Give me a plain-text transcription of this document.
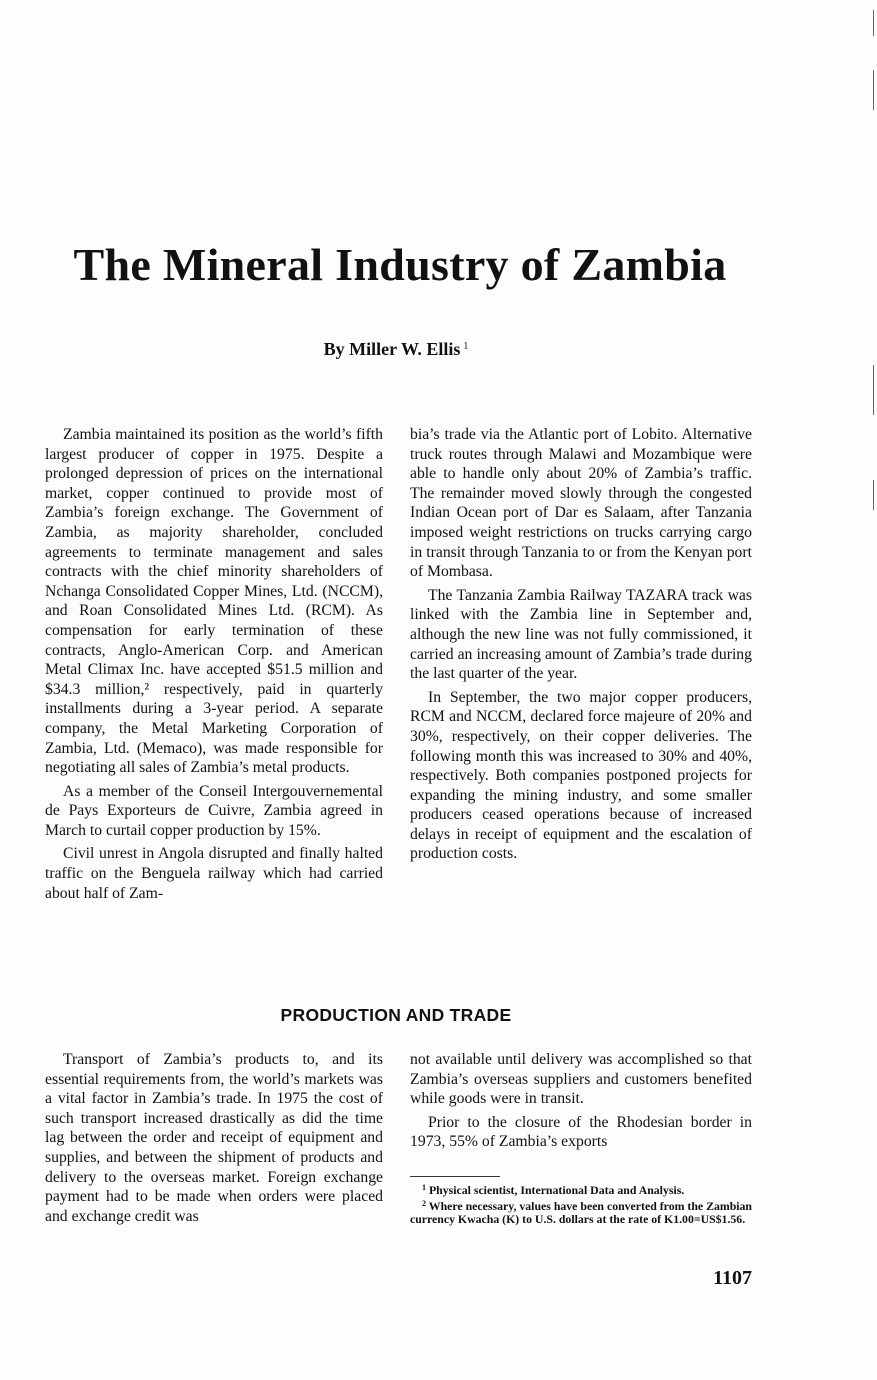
The Mineral Industry of Zambia
By Miller W. Ellis $^1$

Zambia maintained its position as the world’s fifth largest producer of copper in 1975. Despite a prolonged depression of prices on the international market, copper continued to provide most of Zambia’s foreign exchange. The Government of Zambia, as majority shareholder, concluded agreements to terminate management and sales contracts with the chief minority shareholders of Nchanga Consolidated Copper Mines, Ltd. (NCCM), and Roan Consolidated Mines Ltd. (RCM). As compensation for early termination of these contracts, Anglo-American Corp. and American Metal Climax Inc. have accepted $51.5 million and $34.3 million,² respectively, paid in quarterly installments during a 3-year period. A separate company, the Metal Marketing Corporation of Zambia, Ltd. (Memaco), was made responsible for negotiating all sales of Zambia’s metal products.

As a member of the Conseil Intergouvernemental de Pays Exporteurs de Cuivre, Zambia agreed in March to curtail copper production by 15%.

Civil unrest in Angola disrupted and finally halted traffic on the Benguela railway which had carried about half of Zam-

bia’s trade via the Atlantic port of Lobito. Alternative truck routes through Malawi and Mozambique were able to handle only about 20% of Zambia’s traffic. The remainder moved slowly through the congested Indian Ocean port of Dar es Salaam, after Tanzania imposed weight restrictions on trucks carrying cargo in transit through Tanzania to or from the Kenyan port of Mombasa.

The Tanzania Zambia Railway TAZARA track was linked with the Zambia line in September and, although the new line was not fully commissioned, it carried an increasing amount of Zambia’s trade during the last quarter of the year.

In September, the two major copper producers, RCM and NCCM, declared force majeure of 20% and 30%, respectively, on their copper deliveries. The following month this was increased to 30% and 40%, respectively. Both companies postponed projects for expanding the mining industry, and some smaller producers ceased operations because of increased delays in receipt of equipment and the escalation of production costs.

PRODUCTION AND TRADE

Transport of Zambia’s products to, and its essential requirements from, the world’s markets was a vital factor in Zambia’s trade. In 1975 the cost of such transport increased drastically as did the time lag between the order and receipt of equipment and supplies, and between the shipment of products and delivery to the overseas market. Foreign exchange payment had to be made when orders were placed and exchange credit was

not available until delivery was accomplished so that Zambia’s overseas suppliers and customers benefited while goods were in transit.

Prior to the closure of the Rhodesian border in 1973, 55% of Zambia’s exports

$^1$ Physical scientist, International Data and Analysis.
$^2$ Where necessary, values have been converted from the Zambian currency Kwacha (K) to U.S. dollars at the rate of K1.00=US$1.56.
1107
